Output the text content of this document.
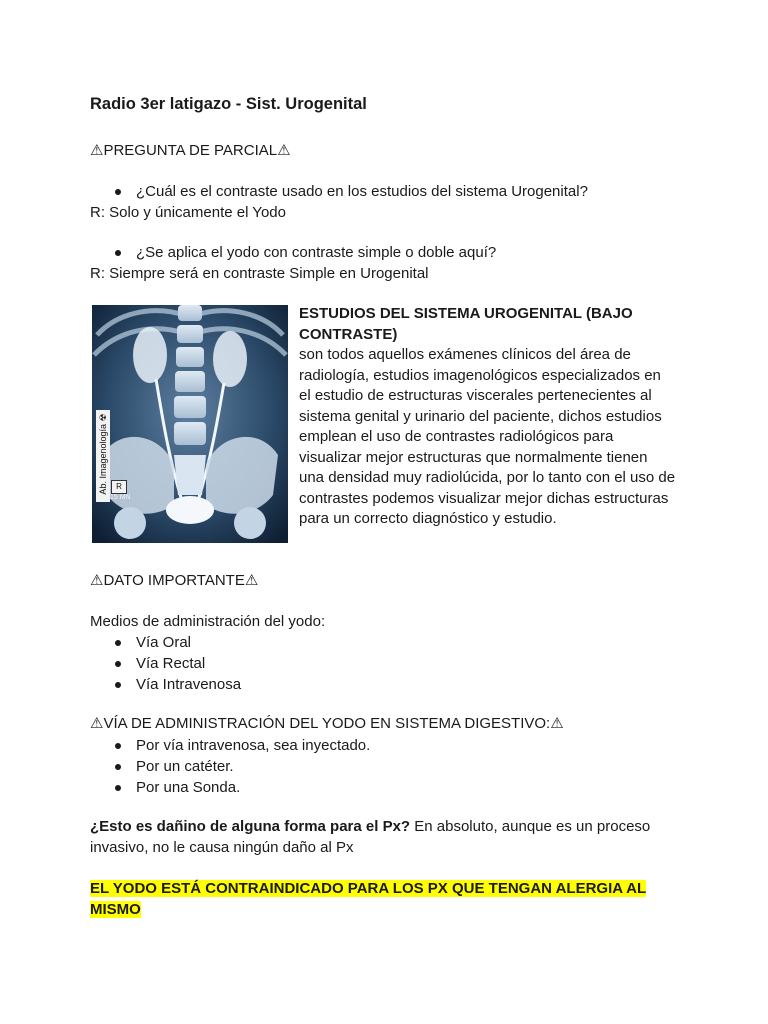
Radio 3er latigazo - Sist. Urogenital
⚠PREGUNTA DE PARCIAL⚠
¿Cuál es el contraste usado en los estudios del sistema Urogenital?
R: Solo y únicamente el Yodo
¿Se aplica el yodo con contraste simple o doble aquí?
R: Siempre será en contraste Simple en Urogenital
Ab. Imagenología ☢	R
15 MN
ESTUDIOS DEL SISTEMA UROGENITAL (BAJO
CONTRASTE)
son todos aquellos exámenes clínicos del área de
radiología, estudios imagenológicos especializados en
el estudio de estructuras viscerales pertenecientes al
sistema genital y urinario del paciente, dichos estudios
emplean el uso de contrastes radiológicos para
visualizar mejor estructuras que normalmente tienen
una densidad muy radiolúcida, por lo tanto con el uso de
contrastes podemos visualizar mejor dichas estructuras
para un correcto diagnóstico y estudio.
⚠DATO IMPORTANTE⚠
Medios de administración del yodo:
Vía Oral
Vía Rectal
Vía Intravenosa
⚠VÍA DE ADMINISTRACIÓN DEL YODO EN SISTEMA DIGESTIVO:⚠
Por vía intravenosa, sea inyectado.
Por un catéter.
Por una Sonda.
¿Esto es dañino de alguna forma para el Px? En absoluto, aunque es un proceso
invasivo, no le causa ningún daño al Px
EL YODO ESTÁ CONTRAINDICADO PARA LOS PX QUE TENGAN ALERGIA AL
MISMO
